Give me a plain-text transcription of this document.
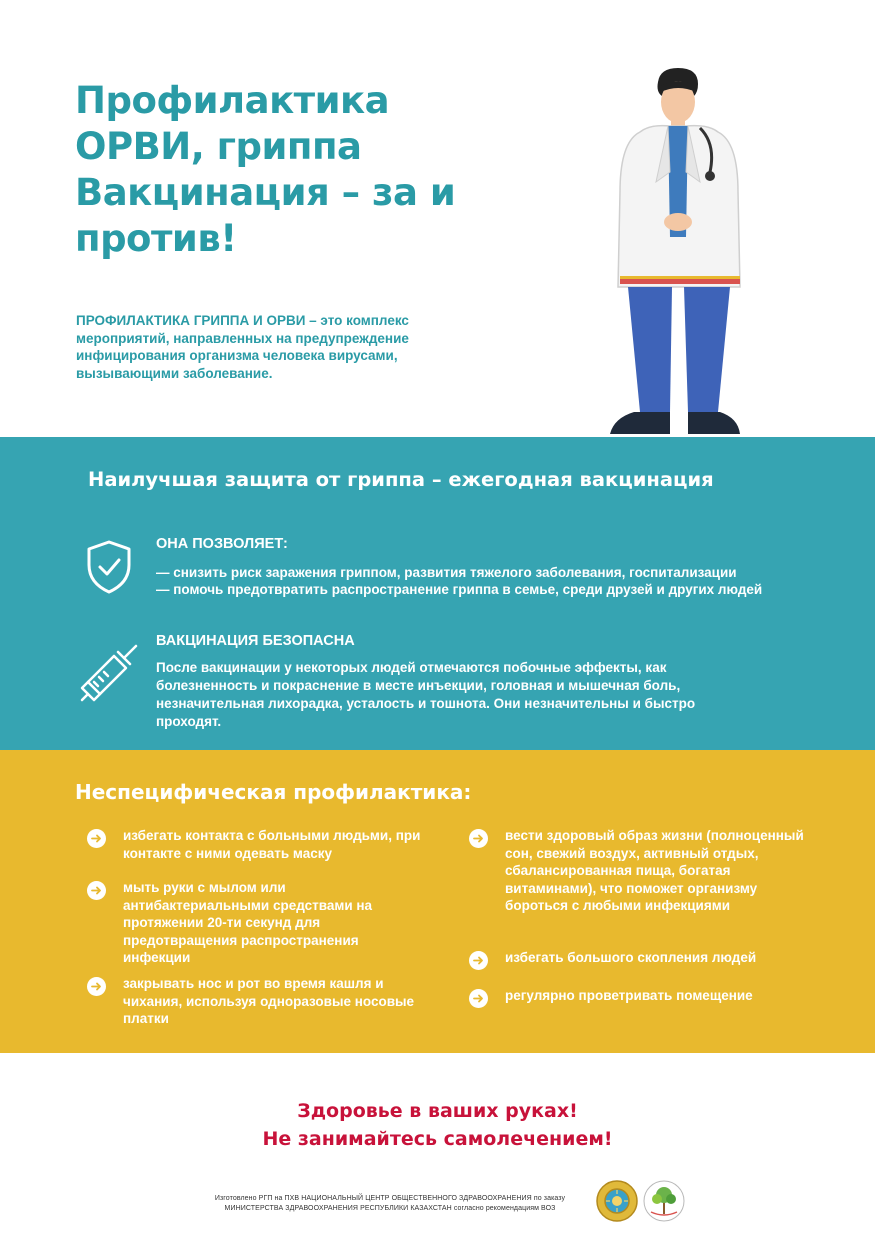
Профилактика
ОРВИ, гриппа
Вакцинация – за и
против!
ПРОФИЛАКТИКА ГРИППА И ОРВИ – это комплекс мероприятий, направленных на предупреждение инфицирования организма человека вирусами, вызывающими заболевание.
Наилучшая защита от гриппа – ежегодная вакцинация
ОНА ПОЗВОЛЯЕТ:
— снизить риск заражения гриппом, развития тяжелого заболевания, госпитализации
— помочь предотвратить распространение гриппа в семье, среди друзей и других людей
ВАКЦИНАЦИЯ БЕЗОПАСНА
После вакцинации у некоторых людей отмечаются побочные эффекты, как болезненность и покраснение в месте инъекции, головная и мышечная боль, незначительная лихорадка, усталость и тошнота. Они незначительны и быстро проходят.
Неспецифическая профилактика:
избегать контакта с больными людьми, при контакте с ними одевать маску
мыть руки с мылом или антибактериальными средствами на протяжении 20-ти секунд для предотвращения распространения инфекции
закрывать нос и рот во время кашля и чихания, используя одноразовые носовые платки
вести здоровый образ жизни (полноценный сон, свежий воздух, активный отдых, сбалансированная пища, богатая витаминами), что поможет организму бороться с любыми инфекциями
избегать большого скопления людей
регулярно проветривать помещение
Здоровье в ваших руках!
Не занимайтесь самолечением!
Изготовлено РГП на ПХВ НАЦИОНАЛЬНЫЙ ЦЕНТР ОБЩЕСТВЕННОГО ЗДРАВООХРАНЕНИЯ по заказу МИНИСТЕРСТВА ЗДРАВООХРАНЕНИЯ РЕСПУБЛИКИ КАЗАХСТАН согласно рекомендациям ВОЗ
